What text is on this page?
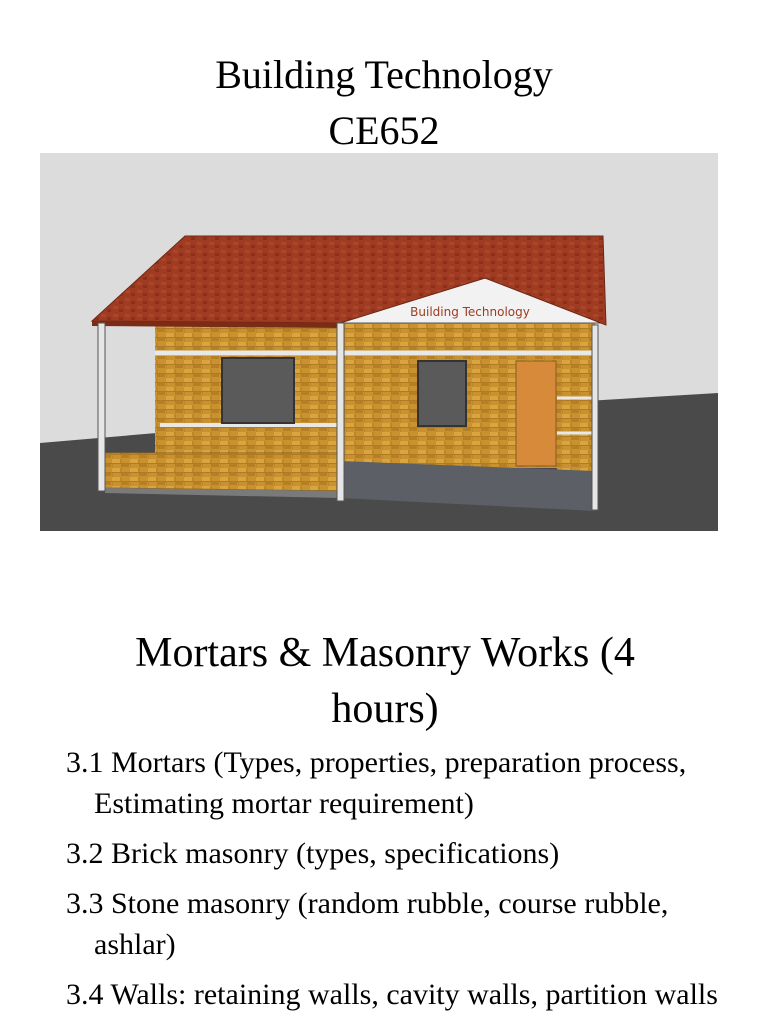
Building Technology
CE652
Building Technology
Mortars & Masonry Works (4 hours)
3.1 Mortars (Types, properties, preparation process, Estimating mortar requirement)
3.2 Brick masonry (types, specifications)
3.3 Stone masonry (random rubble, course rubble, ashlar)
3.4 Walls: retaining walls, cavity walls, partition walls
